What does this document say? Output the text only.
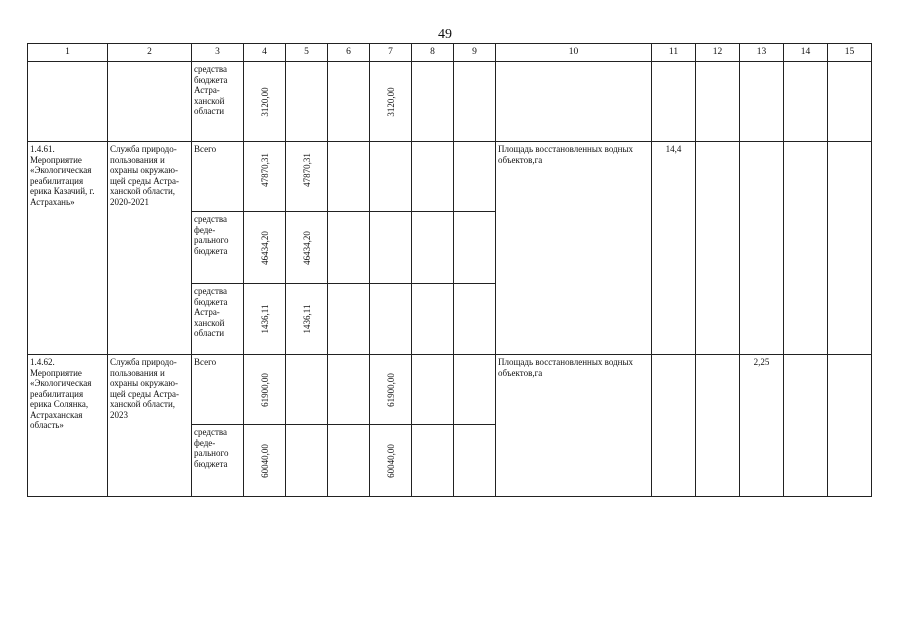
49
1	2	3	4	5	6	7	8	9	10	11	12	13	14	15
		средства бюджета Астра-ханской области	3120,00			3120,00								

1.4.61. Мероприятие «Экологическая реабилитация ерика Казачий, г. Астрахань»	Служба природо-пользования и охраны окружаю-щей среды Астра-ханской области, 2020-2021	Всего	47870,31	47870,31					Площадь восстановленных водных объектов,га	14,4				
		средства феде-рального бюджета	46434,20	46434,20										

		средства бюджета Астра-ханской области	1436,11	1436,11										

1.4.62. Мероприятие «Экологическая реабилитация ерика Солянка, Астраханская область»	Служба природо-пользования и охраны окружаю-щей среды Астра-ханской области, 2023	Всего	61900,00			61900,00			Площадь восстановленных водных объектов,га			2,25		
		средства феде-рального бюджета	60040,00			60040,00								
